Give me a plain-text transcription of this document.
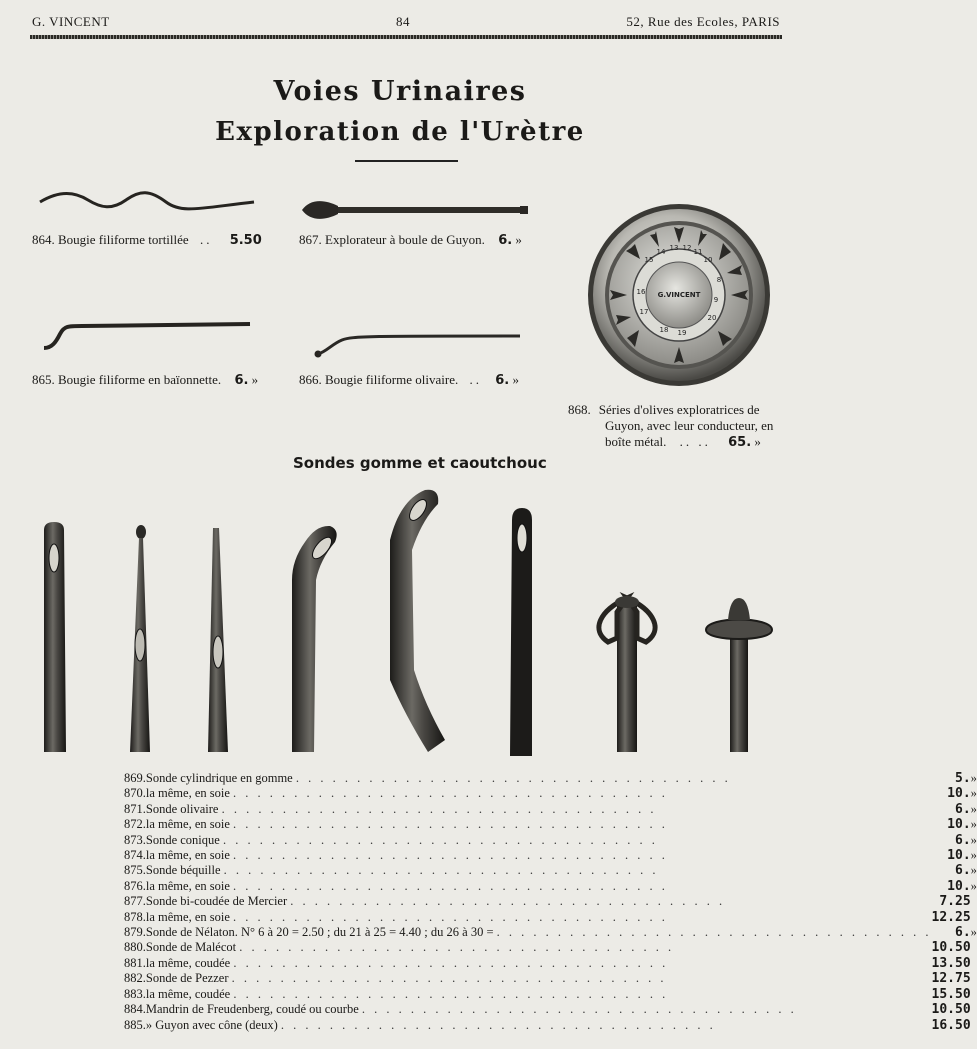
G. VINCENT	84	52, Rue des Ecoles, PARIS
Voies Urinaires
Exploration de l'Urètre
864. Bougie filiforme tortillée .. 5.50	867. Explorateur à boule de Guyon. 6. »
865. Bougie filiforme en baïonnette. 6. »	866. Bougie filiforme olivaire. .. 6. »
G.VINCENT
10
11
12
13
14
15
16
17
18 19
20
8
9
868. Séries d'olives exploratrices de
Guyon, avec leur conducteur, en
boîte métal. .. .. 65. »
Sondes gomme et caoutchouc
869.	Sonde cylindrique en gomme . . . . . . . . . . . . . . . . . . . . . . . . . . . . . . . . . . . .	5.	»
870.	la même, en soie . . . . . . . . . . . . . . . . . . . . . . . . . . . . . . . . . . . .	10.	»
871.	Sonde olivaire . . . . . . . . . . . . . . . . . . . . . . . . . . . . . . . . . . . .	6.	»
872.	la même, en soie . . . . . . . . . . . . . . . . . . . . . . . . . . . . . . . . . . . .	10.	»
873.	Sonde conique . . . . . . . . . . . . . . . . . . . . . . . . . . . . . . . . . . . .	6.	»
874.	la même, en soie . . . . . . . . . . . . . . . . . . . . . . . . . . . . . . . . . . . .	10.	»
875.	Sonde béquille . . . . . . . . . . . . . . . . . . . . . . . . . . . . . . . . . . . .	6.	»
876.	la même, en soie . . . . . . . . . . . . . . . . . . . . . . . . . . . . . . . . . . . .	10.	»
877.	Sonde bi-coudée de Mercier . . . . . . . . . . . . . . . . . . . . . . . . . . . . . . . . . . . .	7.25	
878.	la même, en soie . . . . . . . . . . . . . . . . . . . . . . . . . . . . . . . . . . . .	12.25	
879.	Sonde de Nélaton. N° 6 à 20 = 2.50 ; du 21 à 25 = 4.40 ; du 26 à 30 = . . . . . . . . . . . . . . . . . . . . . . . . . . . . . . . . . . . .	6.	»
880.	Sonde de Malécot . . . . . . . . . . . . . . . . . . . . . . . . . . . . . . . . . . . .	10.50	
881.	la même, coudée . . . . . . . . . . . . . . . . . . . . . . . . . . . . . . . . . . . .	13.50	
882.	Sonde de Pezzer . . . . . . . . . . . . . . . . . . . . . . . . . . . . . . . . . . . .	12.75	
883.	la même, coudée . . . . . . . . . . . . . . . . . . . . . . . . . . . . . . . . . . . .	15.50	
884.	Mandrin de Freudenberg, coudé ou courbe . . . . . . . . . . . . . . . . . . . . . . . . . . . . . . . . . . . .	10.50	
885.	» Guyon avec cône (deux) . . . . . . . . . . . . . . . . . . . . . . . . . . . . . . . . . . . .	16.50	
